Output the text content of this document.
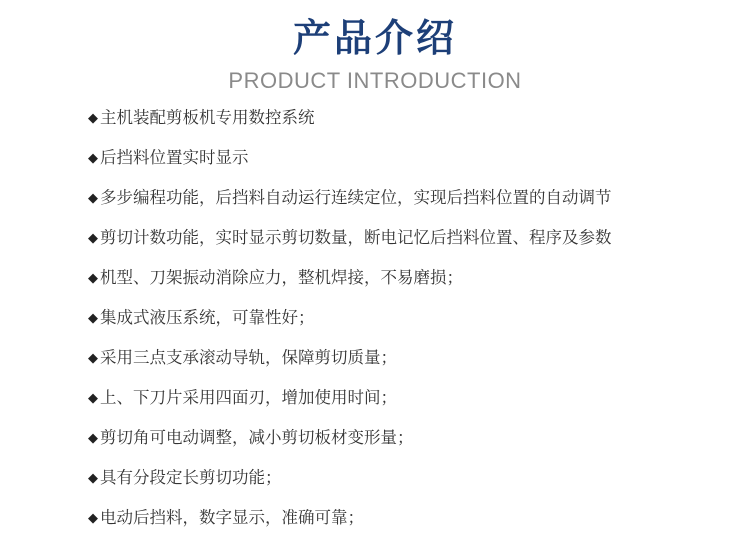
产品介绍
PRODUCT INTRODUCTION
◆ 主机装配剪板机专用数控系统
◆ 后挡料位置实时显示
◆ 多步编程功能，后挡料自动运行连续定位，实现后挡料位置的自动调节
◆ 剪切计数功能，实时显示剪切数量，断电记忆后挡料位置、程序及参数
◆机型、刀架振动消除应力，整机焊接，不易磨损；
◆集成式液压系统，可靠性好；
◆采用三点支承滚动导轨，保障剪切质量；
◆上、下刀片采用四面刃，增加使用时间；
◆剪切角可电动调整，减小剪切板材变形量；
◆具有分段定长剪切功能；
◆电动后挡料，数字显示，准确可靠；
